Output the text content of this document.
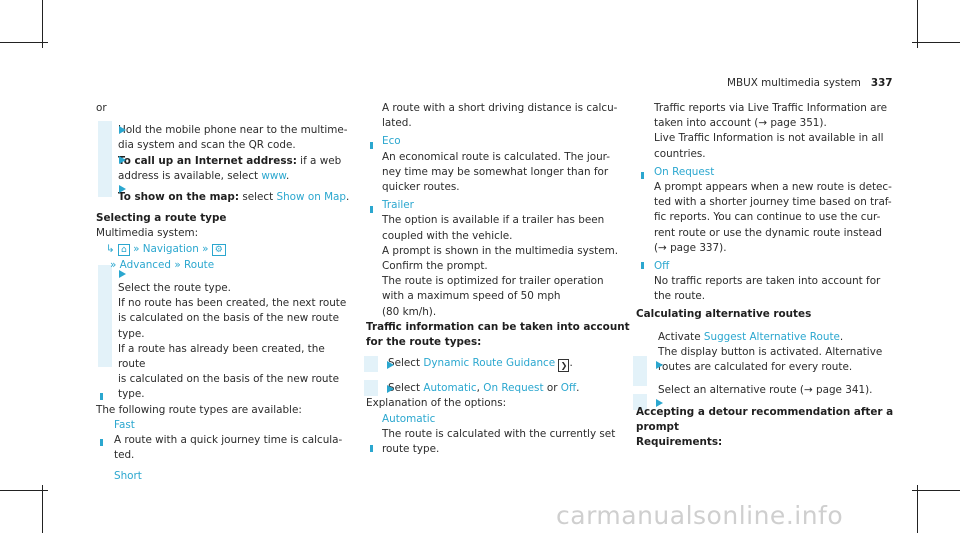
MBUX multimedia system 337

or

Hold the mobile phone near to the multime-

dia system and scan the QR code.

To call up an Internet address: if a web

address is available, select www.

To show on the map: select Show on Map.

Selecting a route type

Multimedia system:

↳ ⌂ » Navigation » ⚙

» Advanced » Route

Select the route type.

If no route has been created, the next route

is calculated on the basis of the new route

type.

If a route has already been created, the route

is calculated on the basis of the new route

type.

The following route types are available:

Fast

A route with a quick journey time is calcula-

ted.

Short

A route with a short driving distance is calcu-

lated.

Eco

An economical route is calculated. The jour-

ney time may be somewhat longer than for

quicker routes.

Trailer

The option is available if a trailer has been

coupled with the vehicle.

A prompt is shown in the multimedia system.

Confirm the prompt.

The route is optimized for trailer operation

with a maximum speed of 50 mph

(80 km/h).

Traffic information can be taken into account

for the route types:

Select Dynamic Route Guidance ❯ .

Select Automatic, On Request or Off.

Explanation of the options:

Automatic

The route is calculated with the currently set

route type.

Traffic reports via Live Traffic Information are

taken into account (→ page 351).

Live Traffic Information is not available in all

countries.

On Request

A prompt appears when a new route is detec-

ted with a shorter journey time based on traf-

fic reports. You can continue to use the cur-

rent route or use the dynamic route instead

(→ page 337).

Off

No traffic reports are taken into account for

the route.

Calculating alternative routes

Activate Suggest Alternative Route.

The display button is activated. Alternative

routes are calculated for every route.

Select an alternative route (→ page 341).

Accepting a detour recommendation after a

prompt

Requirements:

carmanualsonline.info
